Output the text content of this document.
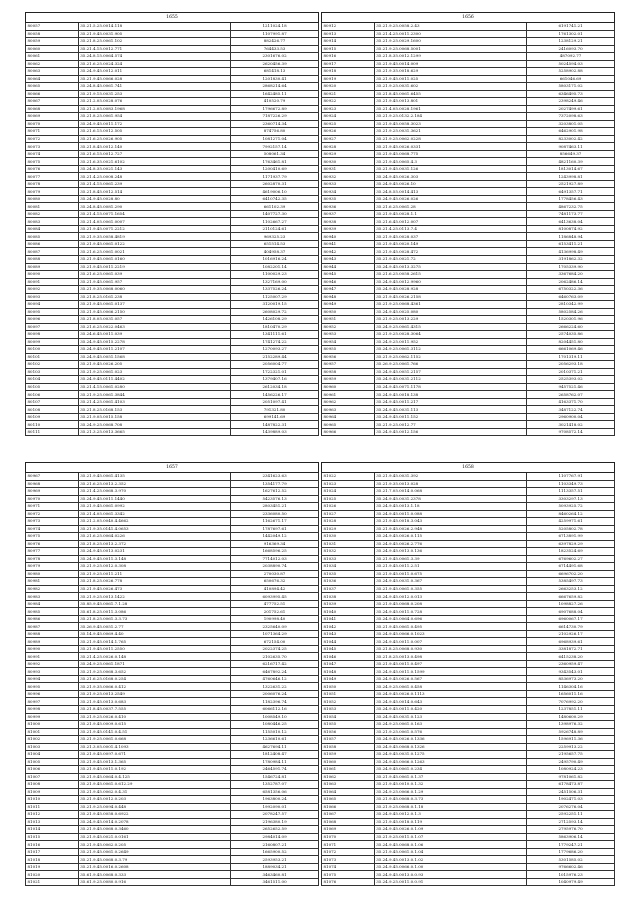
1655		
80057	35.21.5.25.0014.118	1211024.18
80058	35.21.9.45.0031.905	1107991.87
80059	35.21.8.25.0061.102	882426.77
80060	35.21.4.15.0012.771	764433.53
80061	35.24.8.15.0064.574	2301676.02
80062	35.21.6.25.0024.324	2620456.39
80063	35.24.9.45.0012.011	681418.13
80064	35.21.9.45.0066.028	1201830.41
80065	35.24.8.45.0061.741	2868214.64
80066	35.21.9.15.0031.253	1642485.11
80067	35.21.2.05.0028.076	410520.79
80068	35.21.2.05.0083.1968	1796672.89
80069	35.21.8.25.0061.954	7187226.29
80070	35.24.9.45.0011.172	2360714.34
80071	35.21.6.15.0012.505	874756.80
80072	35.21.6.25.0026.905	1081271.04
80073	35.21.8.45.0012.140	7992157.14
80074	35.21.6.15.0012.727	508061.34
80075	35.21.6.35.0021.6102	1763461.81
80076	35.24.8.35.0021.143	1200410.69
80077	35.21.4.25.0008.248	1171937.79
80078	35.21.4.15.0061.239	2602870.31
80079	35.21.8.45.0012.514	4619006.10
80080	35.24.9.45.0028.80	6410742.35
80081	35.24.8.45.0081.290	661102.39
80082	35.21.4.15.0071.1654	1407727.30
80083	35.21.4.05.0061.0007	1102667.27
80084	35.21.9.45.0071.2212	2110124.61
80085	35.21.9.35.0058.4819	969325.23
80086	35.21.9.45.0061.0122	651514.53
80087	35.21.6.25.0061.0021	404958.37
80088	35.21.9.45.0061.0160	1016916.24
80089	35.21.9.45.0011.2219	1082201.14
80090	35.21.6.25.0061.039	1100029.23
80091	35.21.9.45.0061.957	1327169.00
80092	35.21.9.35.0068.0060	1337526.24
80093	35.21.8.25.0161.238	1125007.29
80094	35.21.9.45.0061.0137	3120019.15
80095	35.21.9.45.0066.2150	2608029.72
80096	35.21.8.05.0031.057	1426108.29
80097	35.21.6.25.0022.0463	1810470.29
80098	35.24.6.45.0011.039	1341111.61
80099	35.24.9.45.0015.2278	1741274.22
80100	35.24.9.45.0011.2107	1270093.27
80101	35.24.9.45.0051.1568	2152289.44
80102	35.21.9.45.0026.205	2056004.77
80103	35.21.9.25.0061.023	1722321.01
80104	35.24.9.45.0111.4402	1379407.16
80105	35.21.4.15.0061.0280	2612034.18
80106	35.21.9.25.0061.3844	1456226.17
80107	35.21.4.25.0061.4103	2051097.41
80108	35.21.8.25.0168.153	791321.80
80109	35.21.9.05.0015.158	699141.69
80110	35.24.9.25.0068.708	1487822.31
80111	35.21.3.25.0013.3665	1439889.03
1656		
80912	35.21.9.25.0058.2.43	6191741.21
80913	35.21.4.25.0011.2300	1761302.01
80914	35.21.9.25.0029.1600	1238129.21
80915	35.21.9.25.0068.5001	2416093.70
80916	35.21.8.35.0012.1299	487092.77
80917	35.21.9.45.0014.009	5024594.03
80918	35.21.9.35.0018.629	5258902.88
80919	35.21.9.45.0011.025	661046.69
80920	35.21.9.25.0031.602	5803171.02
80921	35.21.8.45.0061.6455	6346495.73
80922	35.21.9.45.0013.801	2398249.46
80923	35.21.4.05.0028.1961	2027499.61
80924	35.21.9.25.0132.2.184	7372098.63
80925	35.21.9.45.0058.3023	3203801.05
80926	35.21.9.25.0031.3621	6462901.98
80927	35.21.9.25.0062.0228	8233002.42
80928	35.21.9.45.0026.0331	9087463.11
80929	35.21.9.45.0068.775	856649.37
80930	35.21.9.45.0065.4.3	4821160.39
80931	35.21.9.45.0031.126	1813014.67
80932	35.24.9.45.0026.303	1243998.81
80933	35.24.9.45.0026.10	2521927.89
80934	35.24.8.55.0014.413	6491357.71
80935	35.24.9.45.0026.026	1778456.43
80936	35.21.6.25.0061.28	4867232.75
80937	35.21.9.45.0028.1.1	7481173.77
80938	35.21.6.45.0012.007	6413638.04
80939	35.21.4.25.0113.7.4	8100874.92
80940	35.21.9.45.0028.037	1186848.94
80941	35.21.9.45.0020.149	6153411.21
80942	35.21.9.45.0028.472	4136998.49
80943	35.21.9.45.0021.72	3191862.32
80944	35.24.9.45.0013.3275	1705339.90
80945	35.21.6.25.0058.2615	3367684.20
80946	35.24.9.45.0012.9960	2062486.14
80947	35.24.9.45.0028.928	6750322.36
80948	35.21.9.45.0026.2158	6460763.09
80949	35.21.9.25.0068.4361	2810342.99
80950	35.24.9.45.0025.080	5802584.26
80951	35.21.9.25.0013.229	1520301.96
80952	35.24.9.25.0061.4315	2666224.60
80953	35.21.9.25.0028.3064	2574035.86
80954	35.24.9.25.0011.952	8204451.80
80955	35.24.9.25.0061.3112	6661069.46
80956	35.21.9.25.0062.1152	1701319.11
80957	35.26.9.25.0061.766	2056293.18
80958	35.24.9.45.0051.2157	2010371.21
80959	35.24.9.45.0031.2112	2525393.02
80960	35.24.9.45.0071.1178	9457521.46
80961	35.24.9.45.0018.138	2658762.07
80962	35.24.9.45.0011.217	4163371.70
80963	35.24.9.45.0031.113	3487122.74
80964	35.24.9.45.0011.152	2960900.04
80965	35.21.9.25.0012.77	3021418.02
80966	35.24.9.45.0012.156	9708572.14
1657		
80967	35.21.9.45.0061.4135	2341623.63
80968	35.21.6.25.0013.2.352	1354177.79
80969	35.21.4.25.0068.3.970	1627612.52
80970	35.24.9.45.0011.1440	5423576.13
80971	35.21.9.45.0061.0992	2803451.21
80972	35.21.4.05.0061.3342	2336080.50
80973	35.21.2.05.0040.4.4662	1162671.17
80974	35.21.9.35.0141.4.0653	1787697.61
80975	35.21.6.25.0064.0226	1442049.12
80976	35.21.8.25.0013.2.372	916369.34
80977	35.24.9.45.0013.0231	1668596.25
80978	35.24.9.45.0011.3.148	7714012.03
80979	35.21.9.25.0012.0.308	2038890.74
80980	35.21.9.25.0011.211	270030.87
80981	35.21.8.25.0026.778	650676.32
80982	35.21.9.45.0026.473	410894.42
80983	35.21.9.25.0013.1422	6093995.45
80984	35.85.9.45.0061.7.1.28	477752.51
80985	35.61.8.25.0011.3.086	201752.61
80986	35.21.8.25.0061.3.3.73	190998.40
80987	35.26.9.45.0051.2.77	2325640.09
80988	35.14.9.45.0069.4.40	1071364.29
80989	35.21.9.45.0014.1.765	672154.00
80990	35.21.9.45.0011.2550	2022374.25
80991	35.21.4.25.0026.0.148	2102635.70
80992	35.24.9.25.0061.1871	6216717.42
80993	35.21.9.25.0068.3.652	6467892.24
80994	35.21.6.25.0168.0.254	4760646.12
80995	35.21.9.35.0066.0.412	1322631.22
80996	35.21.9.25.0013.2549	2006076.24
80997	35.21.9.45.0013.0.683	1182396.74
80998	35.21.8.45.0037.7.555	6066112.16
80999	35.21.9.25.0026.0.410	1008549.10
81000	35.21.9.45.0009.0.615	1080446.25
81001	35.21.9.45.0141.0.4.51	1155010.12
81002	35.21.9.25.0061.0.668	1236610.61
81003	35.21.3.05.0001.4.1093	4627694.11
81004	35.21.9.45.0097.0.671	1812408.47
81005	35.21.9.45.0013.1.365	1780984.11
81006	35.21.9.45.0011.0.192	2464591.74
81007	35.21.9.45.0064.0.4.125	1546724.81
81008	35.21.9.45.0061.0.612.29	1352787.07
81009	35.21.9.45.0062.0.4.31	6581356.06
81010	35.21.9.45.0012.0.203	1963800.24
81011	35.21.9.25.0094.0.448	1992090.01
81012	35.21.9.45.0058.0.6922	2078247.57
81013	35.24.9.45.0014.0.2078	2196380.19
81014	35.21.9.45.0068.0.3460	2652652.59
81015	35.21.9.45.0021.0.0161	2984014.09
81016	35.21.9.45.0062.0.205	2160807.21
81017	35.21.9.45.0061.0.2649	1665900.52
81018	35.21.9.45.0068.0.3.79	2593953.21
81019	35.21.9.45.0016.0.2608	1889034.21
81020	35.61.9.45.0068.0.333	3463460.81
81021	35.61.9.25.0080.0.916	3461511.00
1658		
81022	35.21.9.45.0031.392	1107767.91
81023	35.21.9.35.0013.028	1103349.73
81024	35.21.7.05.0014.0.068	1113357.51
81025	35.24.9.45.0031.2378	3303297.13
81026	35.24.9.45.0013.1.18	5093925.72
81027	35.24.9.45.0011.0.088	8460264.12
81028	35.21.9.45.0018.3.043	4259971.61
81029	35.21.9.45.0026.2.948	5205802.78
81030	35.24.9.45.0026.0.115	6713891.99
81031	35.24.9.45.0026.2.776	6397829.29
81032	35.24.9.45.0013.0.136	1823524.69
81033	35.21.9.45.0061.3.39	6769602.27
81034	35.21.9.45.0011.2.51	6714491.68
81035	35.21.9.45.0011.0.675	6696702.20
81036	35.24.9.45.0031.0.367	5385497.73
81037	35.21.9.45.0061.0.355	2663253.12
81038	35.24.9.45.0012.0.013	6667659.82
81039	35.21.9.45.0068.0.208	1098827.26
81040	35.24.9.45.0011.0.728	6907688.04
81041	35.24.9.45.0064.0.696	6960067.17
81042	35.21.9.45.0061.0.495	6614730.79
81043	35.24.9.45.0066.0.1023	2102926.17
81044	35.24.9.45.0011.0.007	6968939.61
81045	35.21.8.25.0068.0.930	3381872.71
81046	35.21.8.25.0013.0.498	6415238.20
81047	35.21.9.45.0011.0.497	2360959.47
81048	35.24.9.45.0011.0.1599	9343543.01
81049	35.24.9.45.0026.0.567	8536973.20
81050	35.24.9.25.0061.0.458	1146304.16
81051	35.24.9.45.0026.0.1113	1656011.16
81052	35.24.9.45.0014.0.643	7076992.20
81053	35.24.9.45.0011.0.420	1237851.11
81054	35.24.9.45.0031.0.123	1480600.29
81055	35.24.9.25.0061.0.163	1398976.32
81056	35.21.9.25.0061.0.576	5926748.89
81057	35.24.9.45.0026.0.1336	1596911.36
81058	35.24.9.45.0068.0.1326	2259913.22
81059	35.24.9.45.0031.0.1275	2195657.75
81060	35.24.9.45.0066.0.1263	2495790.49
81061	35.24.9.45.0061.0.234	1080924.23
81062	35.21.9.45.0061.0.1.37	9781061.82
81063	35.21.9.45.0010.0.1.32	6178473.87
81064	35.24.9.25.0066.0.1.29	2451506.31
81065	35.21.9.45.0068.0.3.73	1902471.03
81066	35.21.9.25.0068.0.1.18	2076276.04
81067	35.24.9.45.0012.0.1.3	2592251.11
81068	35.21.9.45.0018.0.119	2712593.14
81069	35.24.9.45.0026.0.1.09	2795976.70
81070	35.21.9.25.0011.0.1.07	5863906.14
81071	35.24.9.45.0068.0.1.06	1779247.21
81072	35.21.9.45.0061.0.1.04	1779686.20
81073	35.24.9.45.0013.0.1.02	5301585.02
81074	35.24.9.45.0066.0.1.00	9766602.46
81075	35.24.9.45.0013.0.0.93	1015976.23
81076	35.24.9.25.0011.0.0.91	1040979.49
